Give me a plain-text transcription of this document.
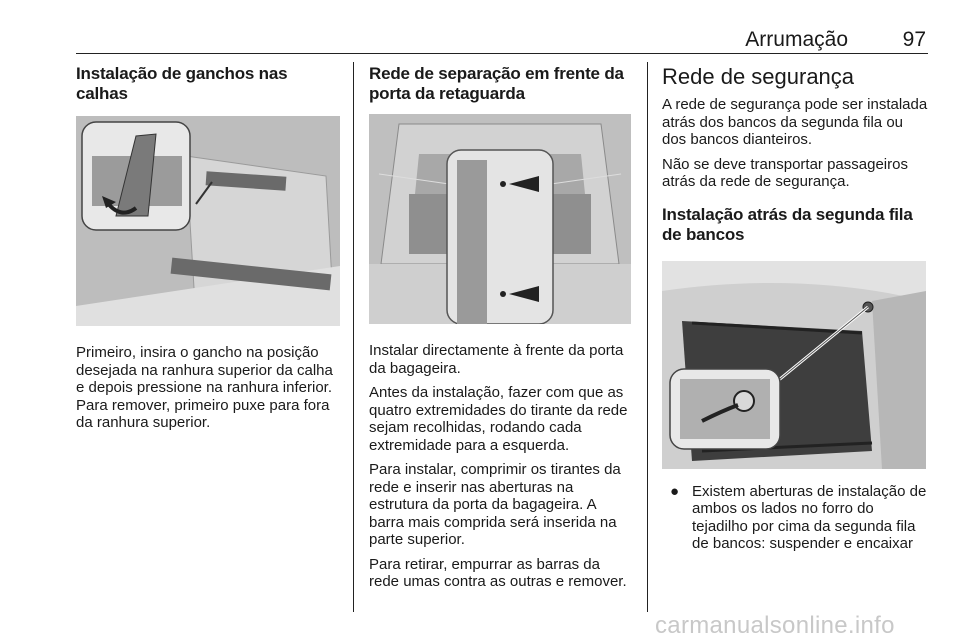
Arrumação	97
Instalação de ganchos nas calhas

Primeiro, insira o gancho na posição desejada na ranhura superior da calha e depois pressione na ranhura inferior. Para remover, primeiro puxe para fora da ranhura superior.

Rede de separação em frente da porta da retaguarda

Instalar directamente à frente da porta da bagageira.

Antes da instalação, fazer com que as quatro extremidades do tirante da rede sejam recolhidas, rodando cada extremidade para a esquerda.

Para instalar, comprimir os tirantes da rede e inserir nas aberturas na estrutura da porta da bagageira. A barra mais comprida será inserida na parte superior.

Para retirar, empurrar as barras da rede umas contra as outras e remover.

Rede de segurança

A rede de segurança pode ser instalada atrás dos bancos da segunda fila ou dos bancos dianteiros.

Não se deve transportar passageiros atrás da rede de segurança.

Instalação atrás da segunda fila de bancos
● Existem aberturas de instalação de ambos os lados no forro do tejadilho por cima da segunda fila de bancos: suspender e encaixar
carmanualsonline.info
